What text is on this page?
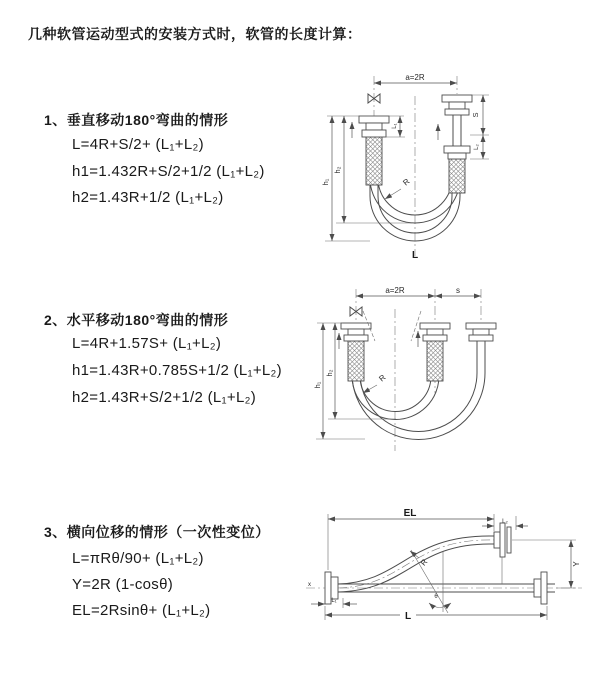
几种软管运动型式的安装方式时，软管的长度计算：
1、垂直移动180°弯曲的情形
L=4R+S/2+ (L₁+L₂)
h1=1.432R+S/2+1/2 (L₁+L₂)
h2=1.43R+1/2 (L₁+L₂)
2、水平移动180°弯曲的情形
L=4R+1.57S+ (L₁+L₂)
h1=1.43R+0.785S+1/2 (L₁+L₂)
h2=1.43R+S/2+1/2 (L₁+L₂)
3、横向位移的情形（一次性变位）
L=πRθ/90+ (L₁+L₂)
Y=2R (1-cosθ)
EL=2Rsinθ+ (L₁+L₂)
a=2R
h₂
h₁
L₁
S
L₂
R
L
a=2R	s
h₂
h₁
R
x
EL
L₂
Y
θ
R
L₁
L
